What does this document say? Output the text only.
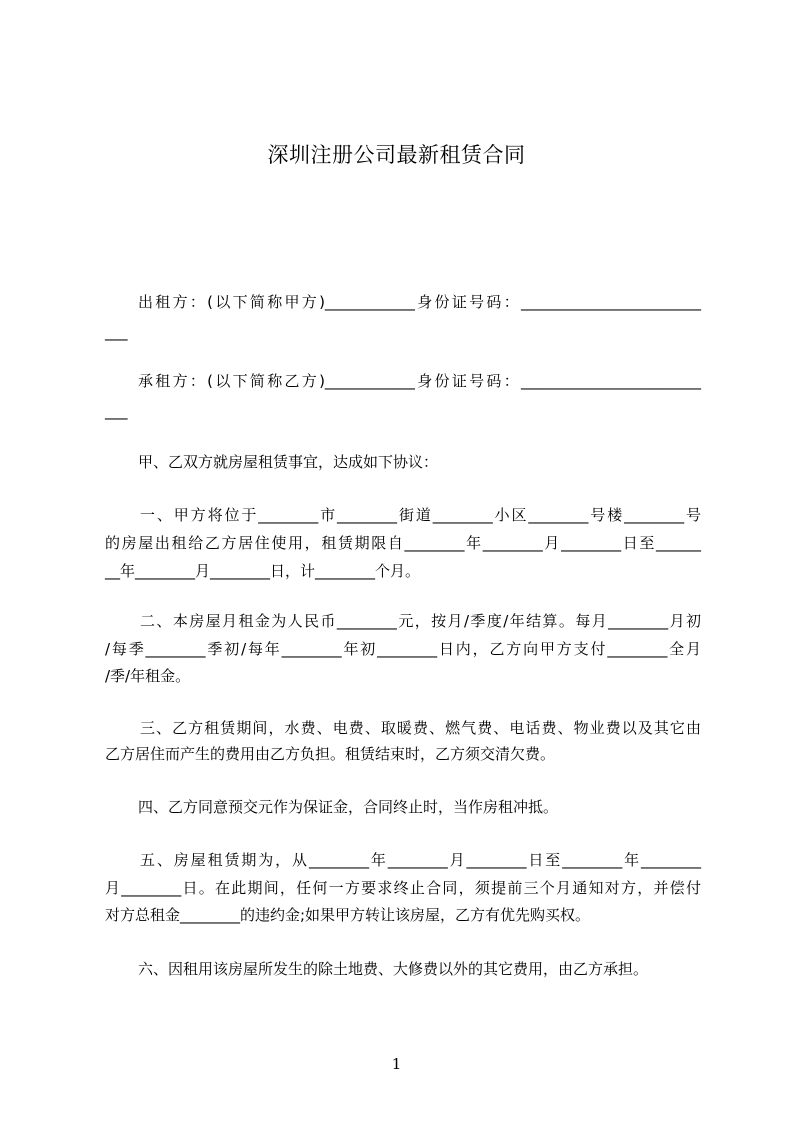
深圳注册公司最新租赁合同
出租方：(以下简称甲方)____________身份证号码：________________________
___
承租方：(以下简称乙方)____________身份证号码：________________________
___
甲、乙双方就房屋租赁事宜，达成如下协议：
一、甲方将位于________市________街道________小区________号楼________号
的房屋出租给乙方居住使用，租赁期限自________年________月________日至______
__年________月________日，计________个月。
二、本房屋月租金为人民币________元，按月/季度/年结算。每月________月初
/每季________季初/每年________年初________日内，乙方向甲方支付________全月
/季/年租金。
三、乙方租赁期间，水费、电费、取暖费、燃气费、电话费、物业费以及其它由
乙方居住而产生的费用由乙方负担。租赁结束时，乙方须交清欠费。
四、乙方同意预交元作为保证金，合同终止时，当作房租冲抵。
五、房屋租赁期为，从________年________月________日至________年________
月________日。在此期间，任何一方要求终止合同，须提前三个月通知对方，并偿付
对方总租金________的违约金;如果甲方转让该房屋，乙方有优先购买权。
六、因租用该房屋所发生的除土地费、大修费以外的其它费用，由乙方承担。
1
